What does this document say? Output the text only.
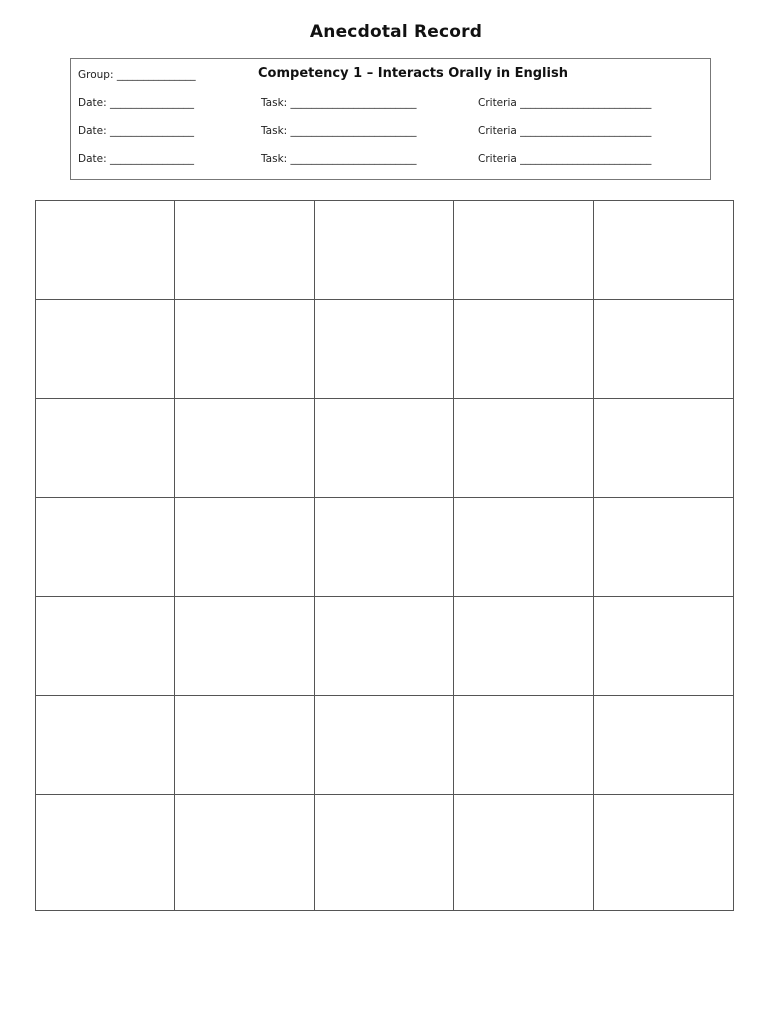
Anecdotal Record
Group: _______________	Competency 1 – Interacts Orally in English
Date: ________________	Task: ________________________	Criteria _________________________
Date: ________________	Task: ________________________	Criteria _________________________
Date: ________________	Task: ________________________	Criteria _________________________
